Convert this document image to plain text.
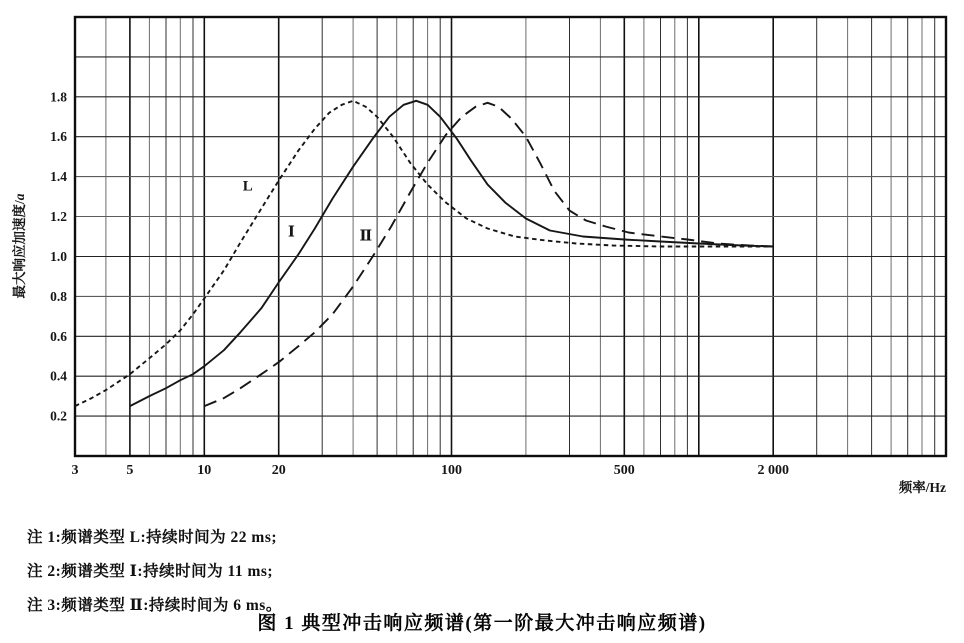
L
Ⅰ	Ⅱ
3	5	10	20	100	500	2 000
0.2
0.4
0.6
0.8
1.0
1.2
1.4
1.6
1.8
频率/Hz
最大响应加速度/a
注 1:频谱类型 L:持续时间为 22 ms;
注 2:频谱类型 Ⅰ:持续时间为 11 ms;
注 3:频谱类型 Ⅱ:持续时间为 6 ms。
图 1 典型冲击响应频谱(第一阶最大冲击响应频谱)
